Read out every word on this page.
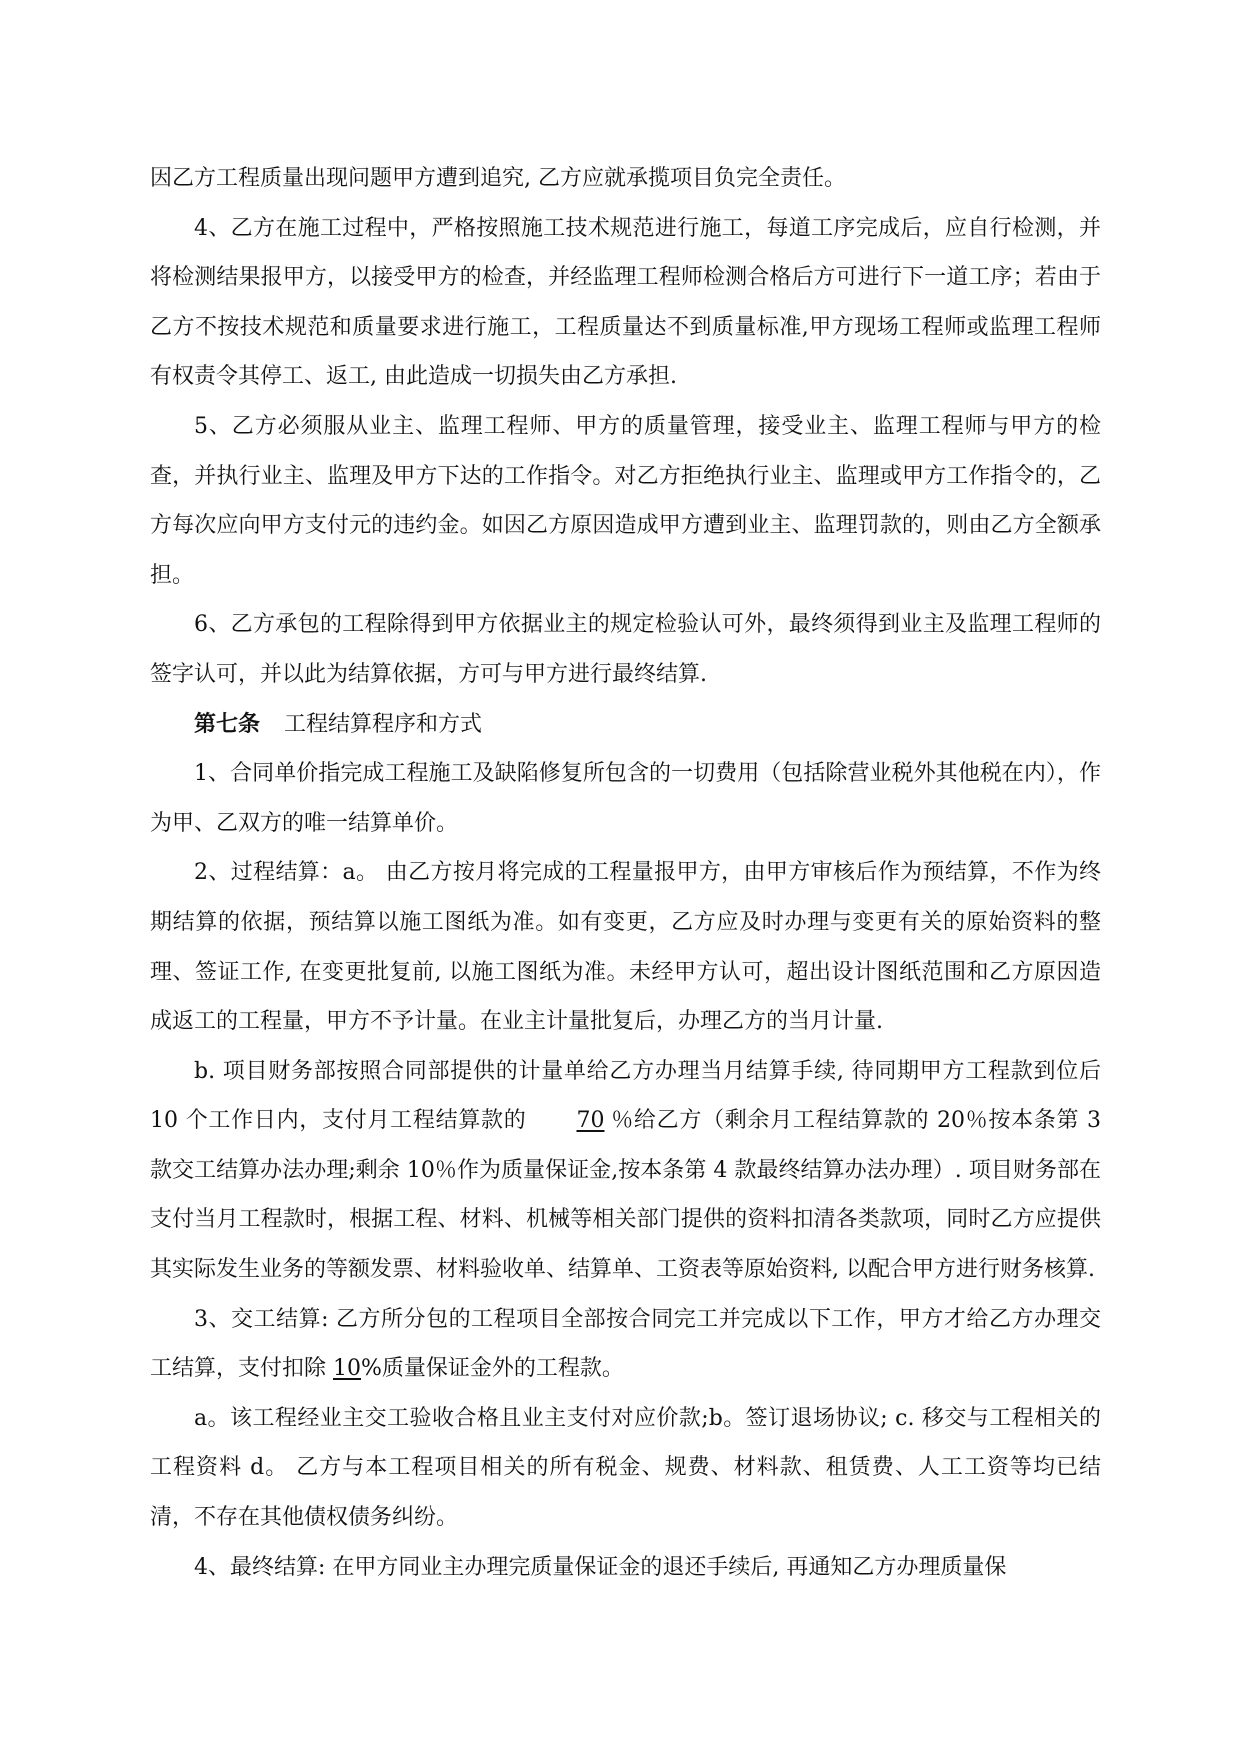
因乙方工程质量出现问题甲方遭到追究, 乙方应就承揽项目负完全责任。

4、乙方在施工过程中，严格按照施工技术规范进行施工，每道工序完成后，应自行检测，并将检测结果报甲方，以接受甲方的检查，并经监理工程师检测合格后方可进行下一道工序；若由于乙方不按技术规范和质量要求进行施工，工程质量达不到质量标准,甲方现场工程师或监理工程师有权责令其停工、返工, 由此造成一切损失由乙方承担.

5、乙方必须服从业主、监理工程师、甲方的质量管理，接受业主、监理工程师与甲方的检查，并执行业主、监理及甲方下达的工作指令。对乙方拒绝执行业主、监理或甲方工作指令的，乙方每次应向甲方支付元的违约金。如因乙方原因造成甲方遭到业主、监理罚款的，则由乙方全额承担。

6、乙方承包的工程除得到甲方依据业主的规定检验认可外，最终须得到业主及监理工程师的签字认可，并以此为结算依据，方可与甲方进行最终结算.

第七条 工程结算程序和方式

1、合同单价指完成工程施工及缺陷修复所包含的一切费用（包括除营业税外其他税在内），作为甲、乙双方的唯一结算单价。

2、过程结算：a。 由乙方按月将完成的工程量报甲方，由甲方审核后作为预结算，不作为终期结算的依据，预结算以施工图纸为准。如有变更，乙方应及时办理与变更有关的原始资料的整理、签证工作, 在变更批复前, 以施工图纸为准。未经甲方认可，超出设计图纸范围和乙方原因造成返工的工程量，甲方不予计量。在业主计量批复后，办理乙方的当月计量.

b. 项目财务部按照合同部提供的计量单给乙方办理当月结算手续, 待同期甲方工程款到位后 10 个工作日内，支付月工程结算款的 70 ％给乙方（剩余月工程结算款的 20％按本条第 3 款交工结算办法办理;剩余 10％作为质量保证金,按本条第 4 款最终结算办法办理）. 项目财务部在支付当月工程款时，根据工程、材料、机械等相关部门提供的资料扣清各类款项，同时乙方应提供其实际发生业务的等额发票、材料验收单、结算单、工资表等原始资料, 以配合甲方进行财务核算.

3、交工结算: 乙方所分包的工程项目全部按合同完工并完成以下工作，甲方才给乙方办理交工结算，支付扣除 10%质量保证金外的工程款。

a。该工程经业主交工验收合格且业主支付对应价款;b。签订退场协议; c. 移交与工程相关的工程资料 d。 乙方与本工程项目相关的所有税金、规费、材料款、租赁费、人工工资等均已结清，不存在其他债权债务纠纷。

4、最终结算: 在甲方同业主办理完质量保证金的退还手续后, 再通知乙方办理质量保
